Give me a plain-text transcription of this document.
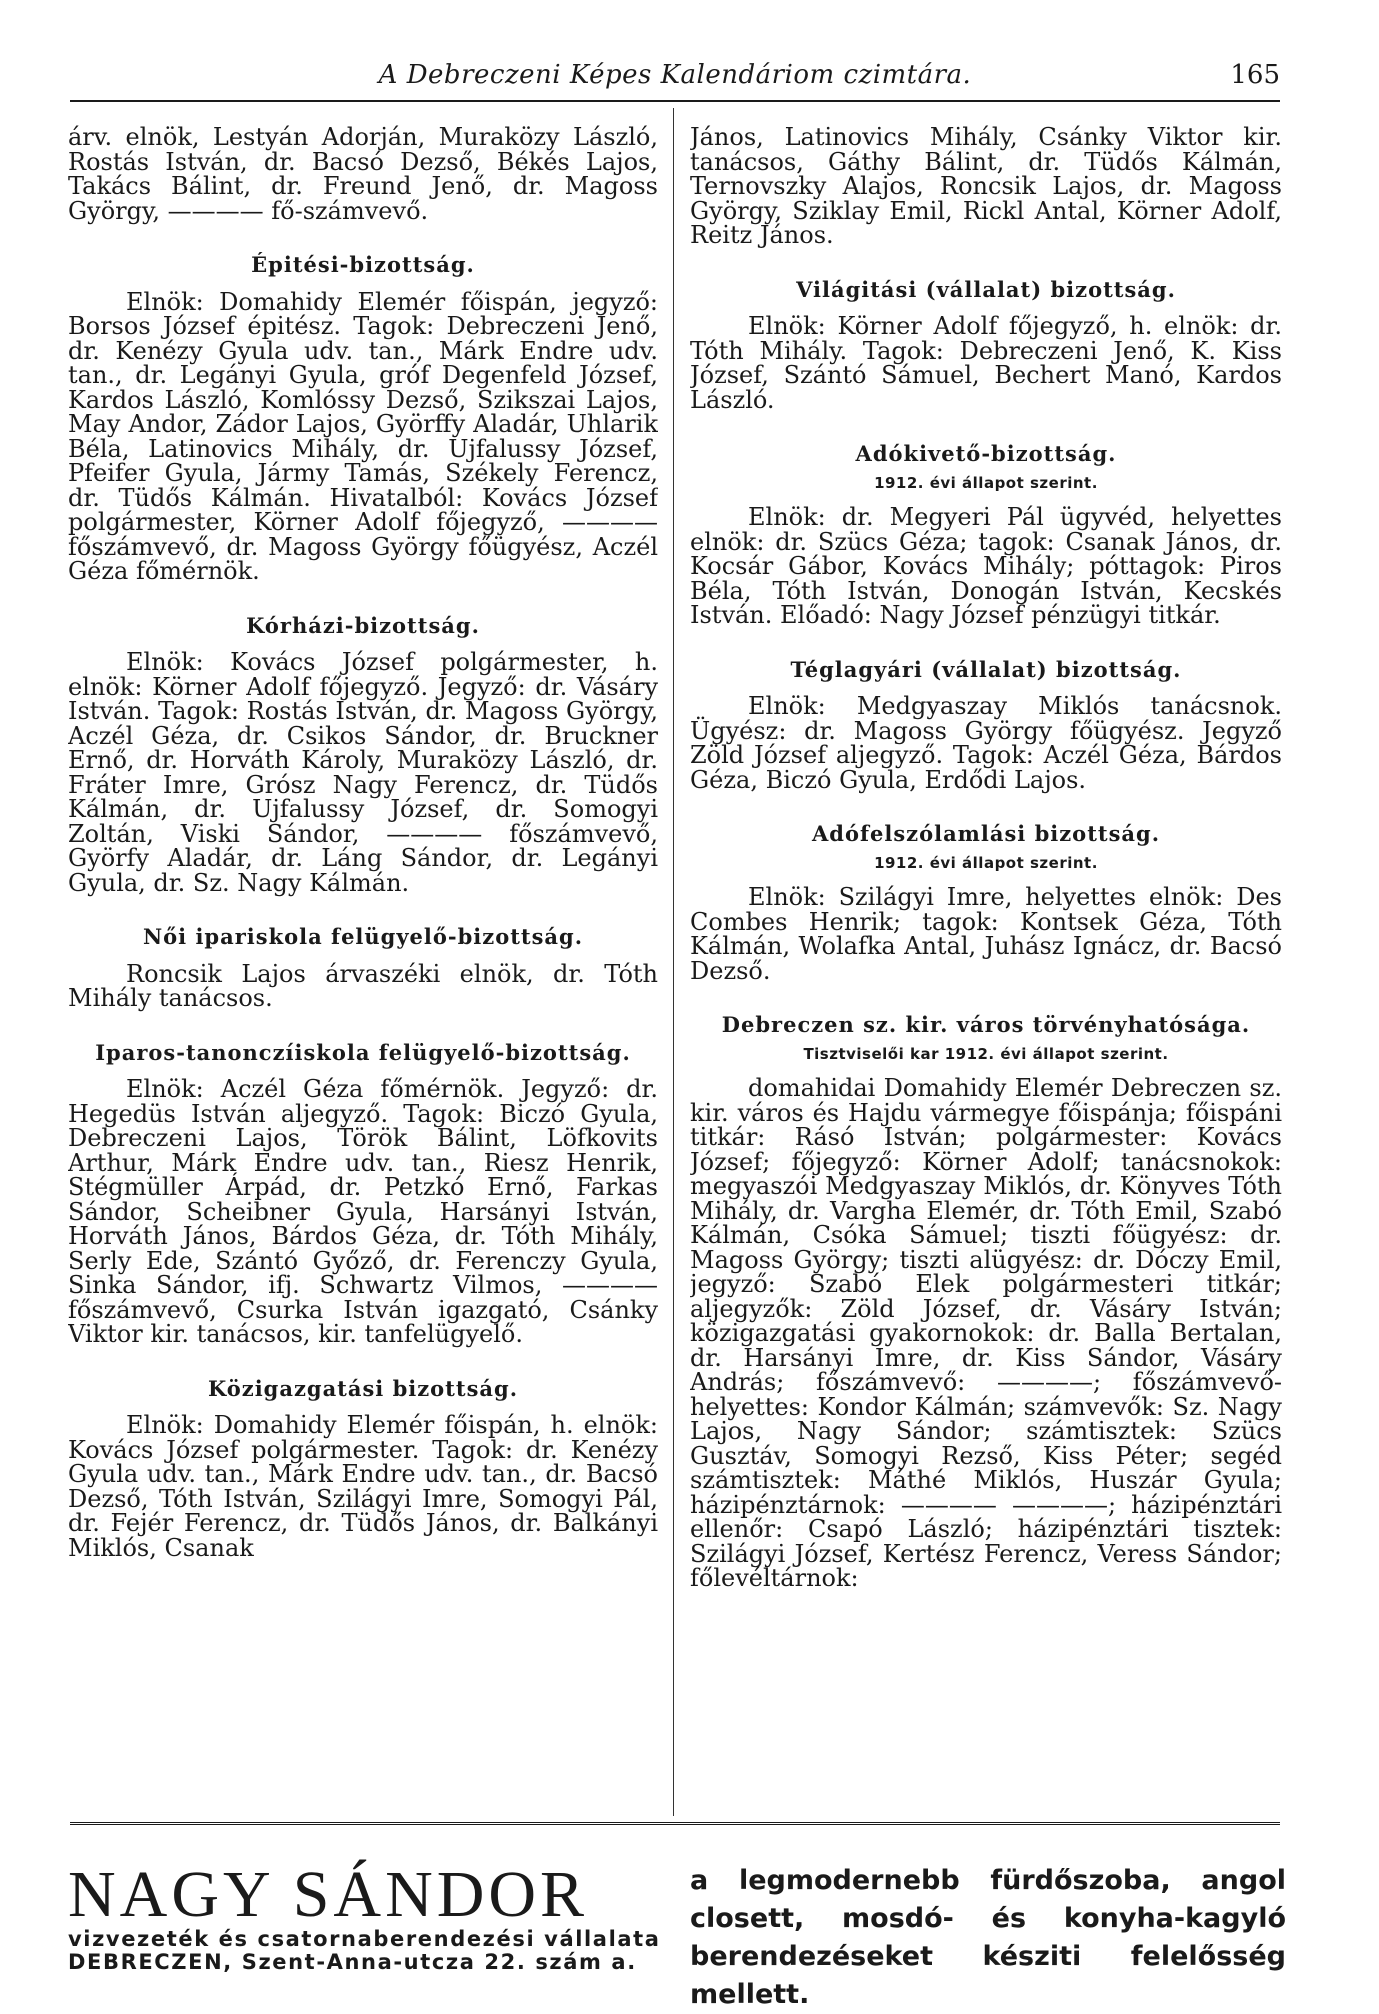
A Debreczeni Képes Kalendáriom czimtára.	165

árv. elnök, Lestyán Adorján, Muraközy László, Rostás István, dr. Bacsó Dezső, Békés Lajos, Takács Bálint, dr. Freund Jenő, dr. Magoss György, ———— fő-számvevő.

Épitési-bizottság.

Elnök: Domahidy Elemér főispán, jegyző: Borsos József épitész. Tagok: Debreczeni Jenő, dr. Kenézy Gyula udv. tan., Márk Endre udv. tan., dr. Legányi Gyula, gróf Degenfeld József, Kardos László, Komlóssy Dezső, Szikszai Lajos, May Andor, Zádor Lajos, Györffy Aladár, Uhlarik Béla, Latinovics Mihály, dr. Ujfalussy József, Pfeifer Gyula, Jármy Tamás, Székely Ferencz, dr. Tüdős Kálmán. Hivatalból: Kovács József polgármester, Körner Adolf főjegyző, ———— főszámvevő, dr. Magoss György főügyész, Aczél Géza főmérnök.

Kórházi-bizottság.

Elnök: Kovács József polgármester, h. elnök: Körner Adolf főjegyző. Jegyző: dr. Vásáry István. Tagok: Rostás István, dr. Magoss György, Aczél Géza, dr. Csikos Sándor, dr. Bruckner Ernő, dr. Horváth Károly, Muraközy László, dr. Fráter Imre, Grósz Nagy Ferencz, dr. Tüdős Kálmán, dr. Ujfalussy József, dr. Somogyi Zoltán, Viski Sándor, ———— főszámvevő, Györfy Aladár, dr. Láng Sándor, dr. Legányi Gyula, dr. Sz. Nagy Kálmán.

Női ipariskola felügyelő-bizottság.

Roncsik Lajos árvaszéki elnök, dr. Tóth Mihály tanácsos.

Iparos-tanonczíiskola felügyelő-bizottság.

Elnök: Aczél Géza főmérnök. Jegyző: dr. Hegedüs István aljegyző. Tagok: Biczó Gyula, Debreczeni Lajos, Török Bálint, Löfkovits Arthur, Márk Endre udv. tan., Riesz Henrik, Stégmüller Árpád, dr. Petzkó Ernő, Farkas Sándor, Scheibner Gyula, Harsányi István, Horváth János, Bárdos Géza, dr. Tóth Mihály, Serly Ede, Szántó Győző, dr. Ferenczy Gyula, Sinka Sándor, ifj. Schwartz Vilmos, ———— főszámvevő, Csurka István igazgató, Csánky Viktor kir. tanácsos, kir. tanfelügyelő.

Közigazgatási bizottság.

Elnök: Domahidy Elemér főispán, h. elnök: Kovács József polgármester. Tagok: dr. Kenézy Gyula udv. tan., Márk Endre udv. tan., dr. Bacsó Dezső, Tóth István, Szilágyi Imre, Somogyi Pál, dr. Fejér Ferencz, dr. Tüdős János, dr. Balkányi Miklós, Csanak

János, Latinovics Mihály, Csánky Viktor kir. tanácsos, Gáthy Bálint, dr. Tüdős Kálmán, Ternovszky Alajos, Roncsik Lajos, dr. Magoss György, Sziklay Emil, Rickl Antal, Körner Adolf, Reitz János.

Világitási (vállalat) bizottság.

Elnök: Körner Adolf főjegyző, h. elnök: dr. Tóth Mihály. Tagok: Debreczeni Jenő, K. Kiss József, Szántó Sámuel, Bechert Manó, Kardos László.

Adókivető-bizottság.
1912. évi állapot szerint.

Elnök: dr. Megyeri Pál ügyvéd, helyettes elnök: dr. Szücs Géza; tagok: Csanak János, dr. Kocsár Gábor, Kovács Mihály; póttagok: Piros Béla, Tóth István, Donogán István, Kecskés István. Előadó: Nagy József pénzügyi titkár.

Téglagyári (vállalat) bizottság.

Elnök: Medgyaszay Miklós tanácsnok. Ügyész: dr. Magoss György főügyész. Jegyző Zöld József aljegyző. Tagok: Aczél Géza, Bárdos Géza, Biczó Gyula, Erdődi Lajos.

Adófelszólamlási bizottság.
1912. évi állapot szerint.

Elnök: Szilágyi Imre, helyettes elnök: Des Combes Henrik; tagok: Kontsek Géza, Tóth Kálmán, Wolafka Antal, Juhász Ignácz, dr. Bacsó Dezső.

Debreczen sz. kir. város törvényhatósága.
Tisztviselői kar 1912. évi állapot szerint.

domahidai Domahidy Elemér Debreczen sz. kir. város és Hajdu vármegye főispánja; főispáni titkár: Rásó István; polgármester: Kovács József; főjegyző: Körner Adolf; tanácsnokok: megyaszói Medgyaszay Miklós, dr. Könyves Tóth Mihály, dr. Vargha Elemér, dr. Tóth Emil, Szabó Kálmán, Csóka Sámuel; tiszti főügyész: dr. Magoss György; tiszti alügyész: dr. Dóczy Emil, jegyző: Szabó Elek polgármesteri titkár; aljegyzők: Zöld József, dr. Vásáry István; közigazgatási gyakornokok: dr. Balla Bertalan, dr. Harsányi Imre, dr. Kiss Sándor, Vásáry András; főszámvevő: ————; főszámvevő-helyettes: Kondor Kálmán; számvevők: Sz. Nagy Lajos, Nagy Sándor; számtisztek: Szücs Gusztáv, Somogyi Rezső, Kiss Péter; segéd számtisztek: Máthé Miklós, Huszár Gyula; házipénztárnok: ———— ————; házipénztári ellenőr: Csapó László; házipénztári tisztek: Szilágyi József, Kertész Ferencz, Veress Sándor; főlevéltárnok:

NAGY SÁNDOR
vizvezeték és csatornaberendezési vállalata
DEBRECZEN, Szent-Anna-utcza 22. szám a.
a legmodernebb fürdőszoba, angol closett, mosdó- és konyha-kagyló berendezéseket késziti felelősség mellett.
